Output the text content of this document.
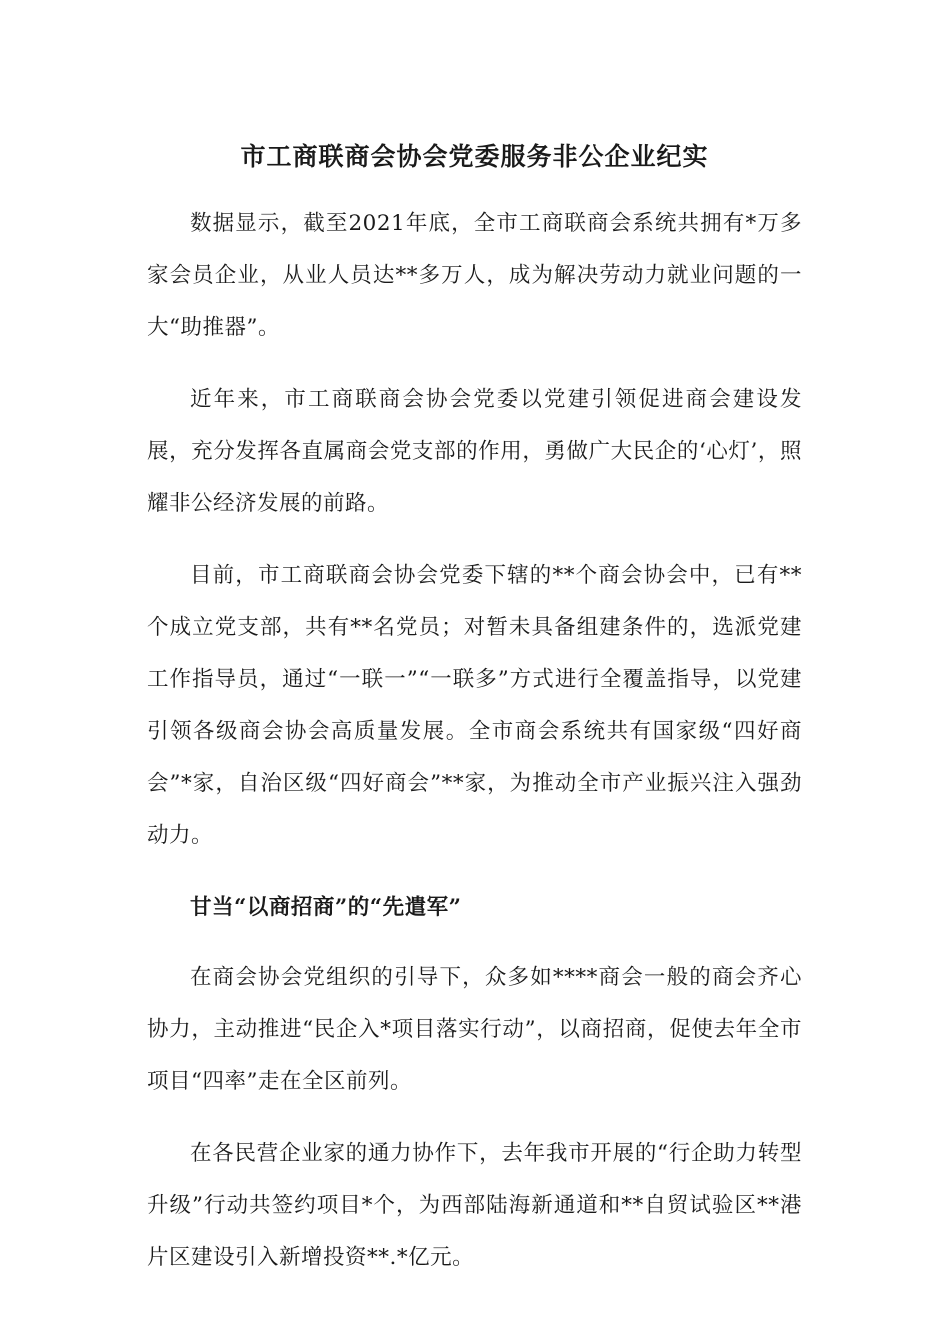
市工商联商会协会党委服务非公企业纪实

数据显示，截至2021年底，全市工商联商会系统共拥有*万多家会员企业，从业人员达**多万人，成为解决劳动力就业问题的一大“助推器”。

近年来，市工商联商会协会党委以党建引领促进商会建设发展，充分发挥各直属商会党支部的作用，勇做广大民企的‘心灯’，照耀非公经济发展的前路。

目前，市工商联商会协会党委下辖的**个商会协会中，已有**个成立党支部，共有**名党员；对暂未具备组建条件的，选派党建工作指导员，通过“一联一”“一联多”方式进行全覆盖指导，以党建引领各级商会协会高质量发展。全市商会系统共有国家级“四好商会”*家，自治区级“四好商会”**家，为推动全市产业振兴注入强劲动力。

甘当“以商招商”的“先遣军”

在商会协会党组织的引导下，众多如****商会一般的商会齐心协力，主动推进“民企入*项目落实行动”，以商招商，促使去年全市项目“四率”走在全区前列。

在各民营企业家的通力协作下，去年我市开展的“行企助力转型升级”行动共签约项目*个，为西部陆海新通道和**自贸试验区**港片区建设引入新增投资**.*亿元。
